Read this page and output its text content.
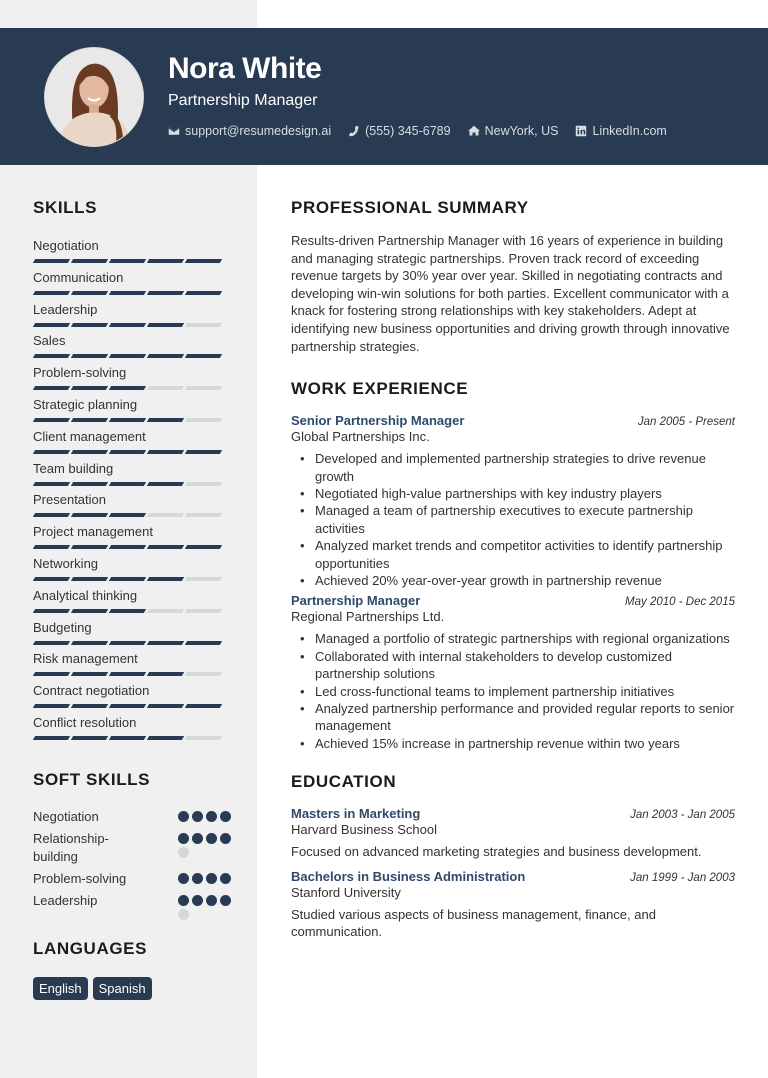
Nora White
Partnership Manager
support@resumedesign.ai	(555) 345-6789	NewYork, US	LinkedIn.com
SKILLS
Negotiation
Communication
Leadership
Sales
Problem-solving
Strategic planning
Client management
Team building
Presentation
Project management
Networking
Analytical thinking
Budgeting
Risk management
Contract negotiation
Conflict resolution
SOFT SKILLS
Negotiation
Relationship-building
Problem-solving
Leadership
LANGUAGES
English	Spanish
PROFESSIONAL SUMMARY

Results-driven Partnership Manager with 16 years of experience in building and managing strategic partnerships. Proven track record of exceeding revenue targets by 30% year over year. Skilled in negotiating contracts and developing win-win solutions for both parties. Excellent communicator with a knack for fostering strong relationships with key stakeholders. Adept at identifying new business opportunities and driving growth through innovative partnership strategies.

WORK EXPERIENCE
Senior Partnership Manager	Jan 2005 - Present
Global Partnerships Inc.
• Developed and implemented partnership strategies to drive revenue growth
• Negotiated high-value partnerships with key industry players
• Managed a team of partnership executives to execute partnership activities
• Analyzed market trends and competitor activities to identify partnership opportunities
• Achieved 20% year-over-year growth in partnership revenue
Partnership Manager	May 2010 - Dec 2015
Regional Partnerships Ltd.
• Managed a portfolio of strategic partnerships with regional organizations
• Collaborated with internal stakeholders to develop customized partnership solutions
• Led cross-functional teams to implement partnership initiatives
• Analyzed partnership performance and provided regular reports to senior management
• Achieved 15% increase in partnership revenue within two years
EDUCATION
Masters in Marketing	Jan 2003 - Jan 2005
Harvard Business School
Focused on advanced marketing strategies and business development.
Bachelors in Business Administration	Jan 1999 - Jan 2003
Stanford University
Studied various aspects of business management, finance, and communication.
